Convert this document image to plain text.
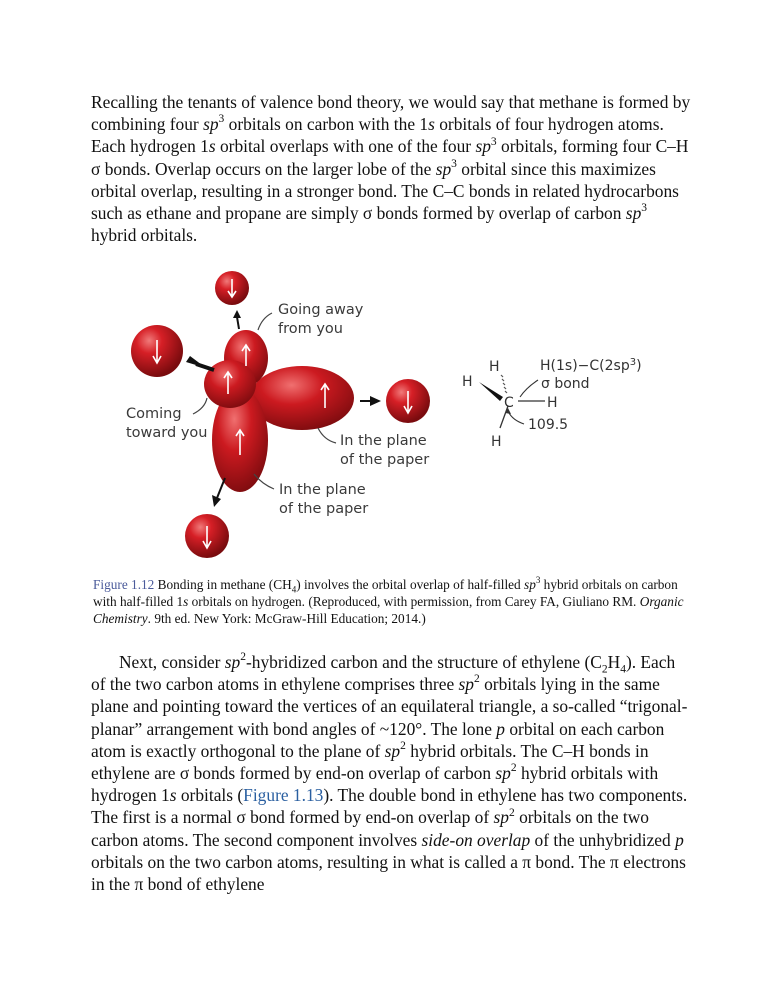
Recalling the tenants of valence bond theory, we would say that methane is formed by combining four $sp^3$ orbitals on carbon with the 1s orbitals of four hydrogen atoms. Each hydrogen 1s orbital overlaps with one of the four $sp^3$ orbitals, forming four C–H σ bonds. Overlap occurs on the larger lobe of the $sp^3$ orbital since this maximizes orbital overlap, resulting in a stronger bond. The C–C bonds in related hydrocarbons such as ethane and propane are simply σ bonds formed by overlap of carbon $sp^3$ hybrid orbitals.

Going away
from you
Coming
toward you	In the plane
of the paper
In the plane
of the paper
H
H
C H
H
$H(1s)-C(2sp^3)$
σ bond
109.5

Figure 1.12 Bonding in methane $(CH_4)$ involves the orbital overlap of half-filled $sp^3$ hybrid orbitals on carbon with half-filled 1s orbitals on hydrogen. (Reproduced, with permission, from Carey FA, Giuliano RM. Organic Chemistry. 9th ed. New York: McGraw-Hill Education; 2014.)

Next, consider $sp^2$-hybridized carbon and the structure of ethylene $(C_2H_4)$. Each of the two carbon atoms in ethylene comprises three $sp^2$ orbitals lying in the same plane and pointing toward the vertices of an equilateral triangle, a so-called “trigonal-planar” arrangement with bond angles of ~120°. The lone p orbital on each carbon atom is exactly orthogonal to the plane of $sp^2$ hybrid orbitals. The C–H bonds in ethylene are σ bonds formed by end-on overlap of carbon $sp^2$ hybrid orbitals with hydrogen 1s orbitals (Figure 1.13). The double bond in ethylene has two components. The first is a normal σ bond formed by end-on overlap of $sp^2$ orbitals on the two carbon atoms. The second component involves side-on overlap of the unhybridized p orbitals on the two carbon atoms, resulting in what is called a π bond. The π electrons in the π bond of ethylene
